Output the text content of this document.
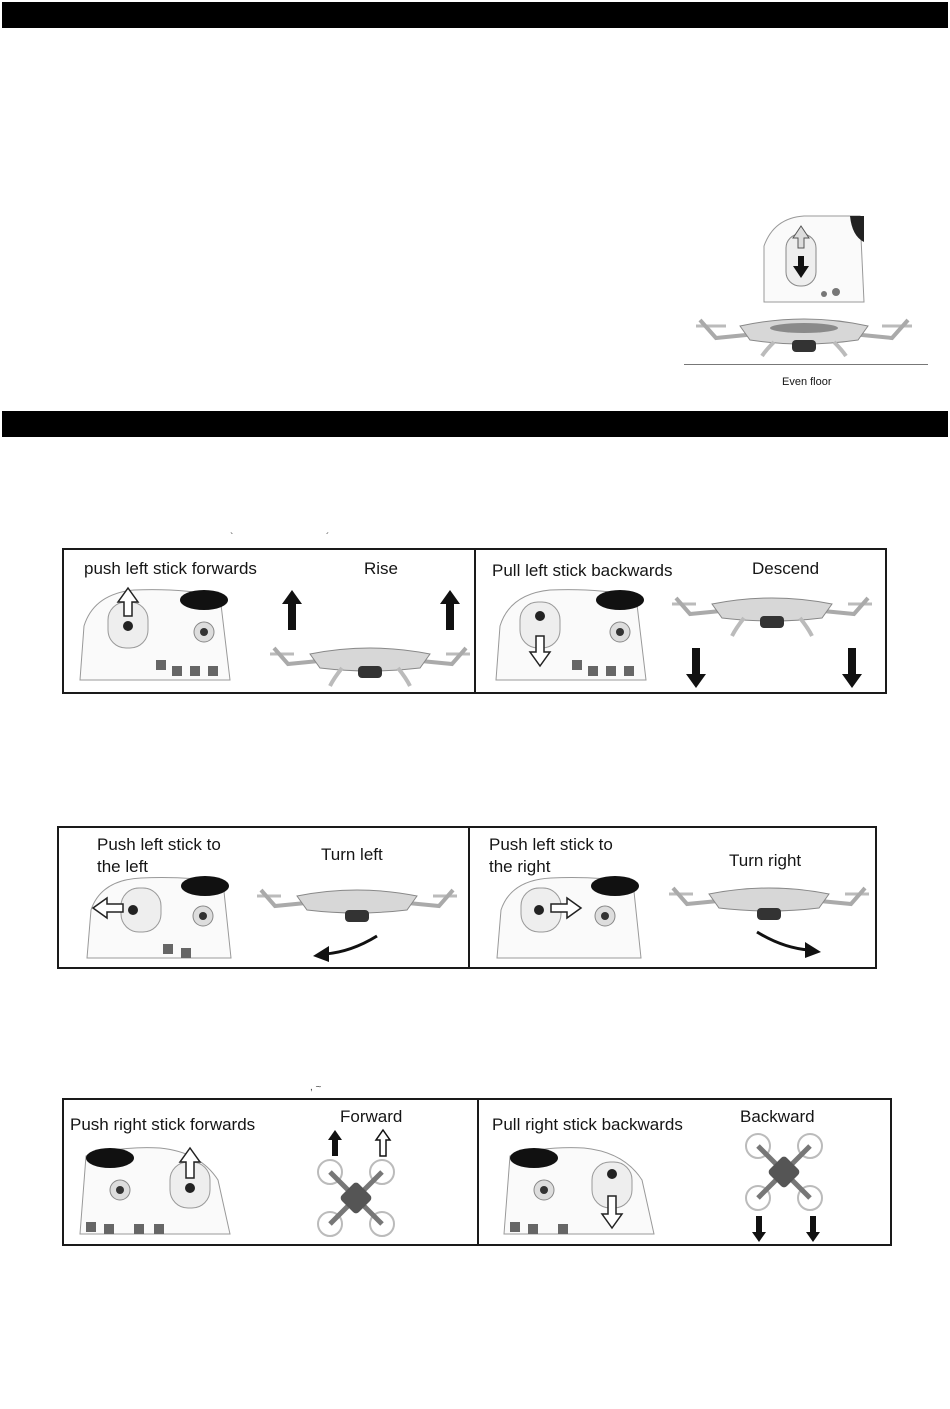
Even floor
`	´
push left stick forwards	Rise	Pull left stick backwards	Descend
Push left stick to
the left
Turn left
Push left stick to
the right	Turn right
, ~
Push right stick forwards	Forward	Pull right stick backwards	Backward
